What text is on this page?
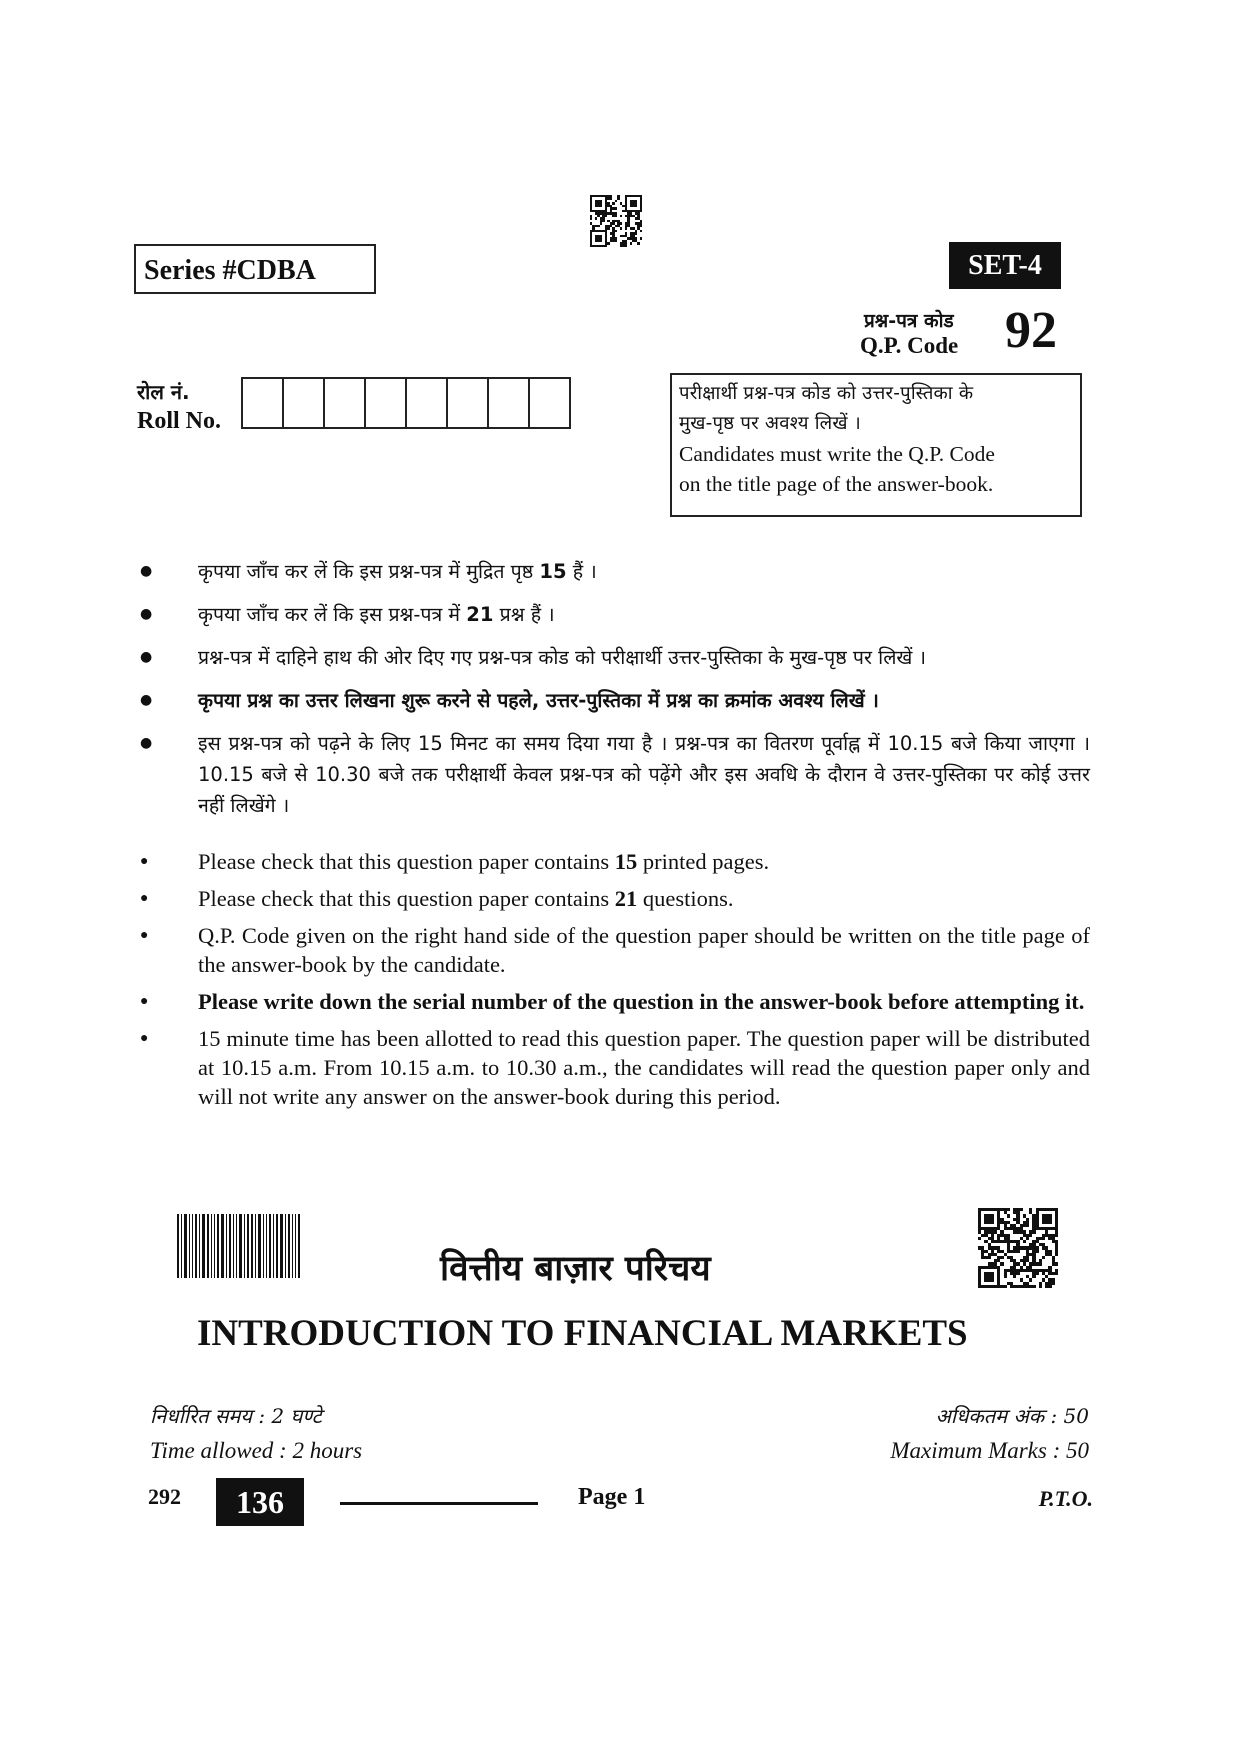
Series #CDBA	SET-4
प्रश्न-पत्र कोड
Q.P. Code 92
रोल नं.
Roll No.
परीक्षार्थी प्रश्न-पत्र कोड को उत्तर-पुस्तिका के
मुख-पृष्ठ पर अवश्य लिखें ।
Candidates must write the Q.P. Code
on the title page of the answer-book.
● कृपया जाँच कर लें कि इस प्रश्न-पत्र में मुद्रित पृष्ठ 15 हैं ।
● कृपया जाँच कर लें कि इस प्रश्न-पत्र में 21 प्रश्न हैं ।
● प्रश्न-पत्र में दाहिने हाथ की ओर दिए गए प्रश्न-पत्र कोड को परीक्षार्थी उत्तर-पुस्तिका के मुख-पृष्ठ पर लिखें ।
● कृपया प्रश्न का उत्तर लिखना शुरू करने से पहले, उत्तर-पुस्तिका में प्रश्न का क्रमांक अवश्य लिखें ।
● इस प्रश्न-पत्र को पढ़ने के लिए 15 मिनट का समय दिया गया है । प्रश्न-पत्र का वितरण पूर्वाह्न में 10.15 बजे किया जाएगा । 10.15 बजे से 10.30 बजे तक परीक्षार्थी केवल प्रश्न-पत्र को पढ़ेंगे और इस अवधि के दौरान वे उत्तर-पुस्तिका पर कोई उत्तर नहीं लिखेंगे ।
● Please check that this question paper contains 15 printed pages.
● Please check that this question paper contains 21 questions.
● Q.P. Code given on the right hand side of the question paper should be written on the title page of the answer-book by the candidate.
● Please write down the serial number of the question in the answer-book before attempting it.
● 15 minute time has been allotted to read this question paper. The question paper will be distributed at 10.15 a.m. From 10.15 a.m. to 10.30 a.m., the candidates will read the question paper only and will not write any answer on the answer-book during this period.
वित्तीय बाज़ार परिचय
INTRODUCTION TO FINANCIAL MARKETS
निर्धारित समय : 2 घण्टे
Time allowed : 2 hours
अधिकतम अंक : 50
Maximum Marks : 50
292	136	Page 1	P.T.O.
